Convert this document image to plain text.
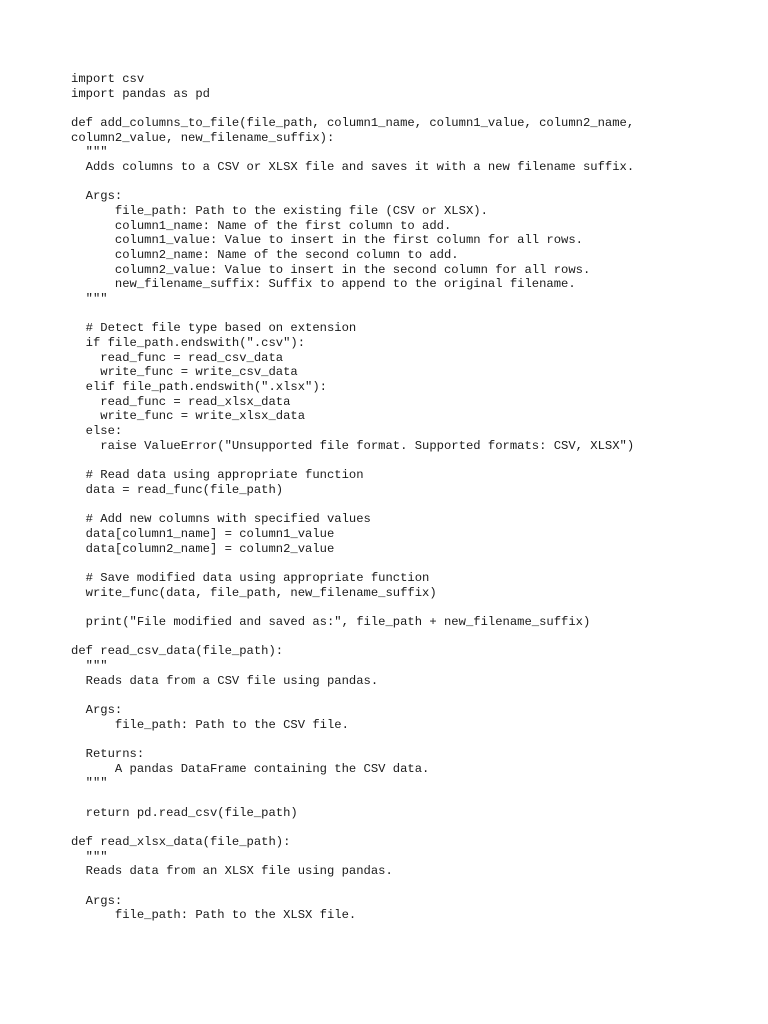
import csv
import pandas as pd
def add_columns_to_file(file_path, column1_name, column1_value, column2_name,
column2_value, new_filename_suffix):
"""
Adds columns to a CSV or XLSX file and saves it with a new filename suffix.
Args:
file_path: Path to the existing file (CSV or XLSX).
column1_name: Name of the first column to add.
column1_value: Value to insert in the first column for all rows.
column2_name: Name of the second column to add.
column2_value: Value to insert in the second column for all rows.
new_filename_suffix: Suffix to append to the original filename.
"""
# Detect file type based on extension
if file_path.endswith(".csv"):
read_func = read_csv_data
write_func = write_csv_data
elif file_path.endswith(".xlsx"):
read_func = read_xlsx_data
write_func = write_xlsx_data
else:
raise ValueError("Unsupported file format. Supported formats: CSV, XLSX")
# Read data using appropriate function
data = read_func(file_path)
# Add new columns with specified values
data[column1_name] = column1_value
data[column2_name] = column2_value
# Save modified data using appropriate function
write_func(data, file_path, new_filename_suffix)
print("File modified and saved as:", file_path + new_filename_suffix)
def read_csv_data(file_path):
"""
Reads data from a CSV file using pandas.
Args:
file_path: Path to the CSV file.
Returns:
A pandas DataFrame containing the CSV data.
"""
return pd.read_csv(file_path)
def read_xlsx_data(file_path):
"""
Reads data from an XLSX file using pandas.
Args:
file_path: Path to the XLSX file.
